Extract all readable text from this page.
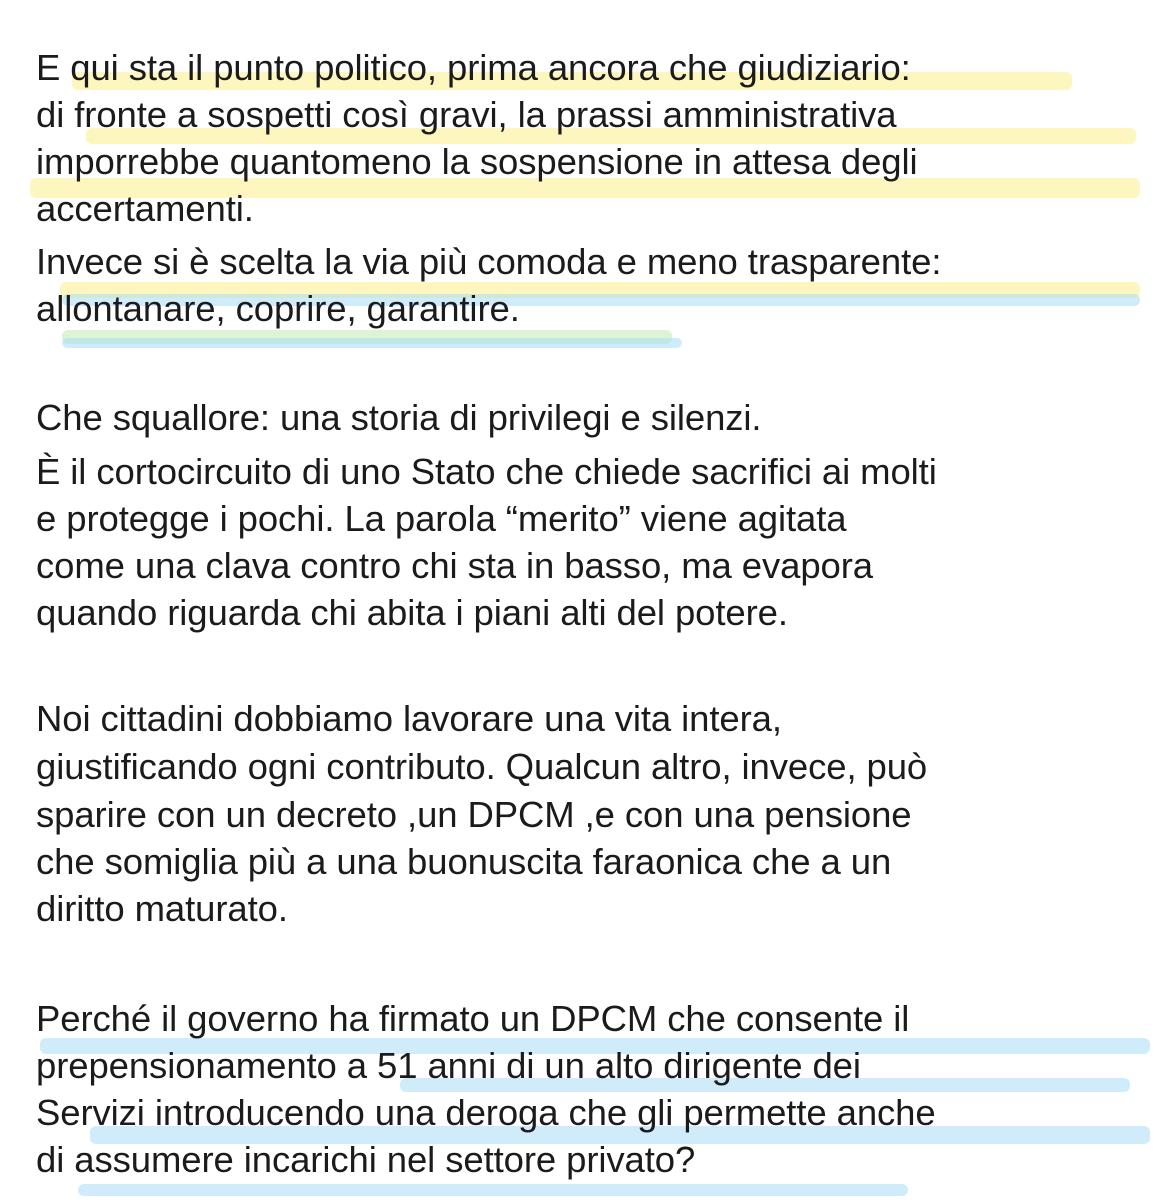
E qui sta il punto politico, prima ancora che giudiziario:
di fronte a sospetti così gravi, la prassi amministrativa
imporrebbe quantomeno la sospensione in attesa degli
accertamenti.
Invece si è scelta la via più comoda e meno trasparente:
allontanare, coprire, garantire.
Che squallore: una storia di privilegi e silenzi.
È il cortocircuito di uno Stato che chiede sacrifici ai molti
e protegge i pochi. La parola “merito” viene agitata
come una clava contro chi sta in basso, ma evapora
quando riguarda chi abita i piani alti del potere.
Noi cittadini dobbiamo lavorare una vita intera,
giustificando ogni contributo. Qualcun altro, invece, può
sparire con un decreto ,un DPCM ,e con una pensione
che somiglia più a una buonuscita faraonica che a un
diritto maturato.
Perché il governo ha firmato un DPCM che consente il
prepensionamento a 51 anni di un alto dirigente dei
Servizi introducendo una deroga che gli permette anche
di assumere incarichi nel settore privato?
